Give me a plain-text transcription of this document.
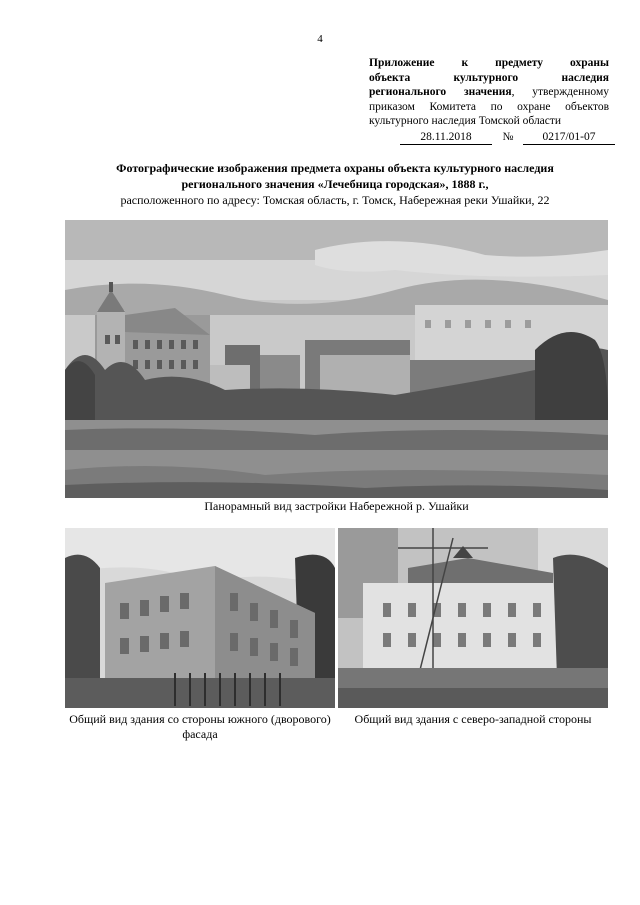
4
Приложение к предмету охраны
объекта культурного наследия
регионального значения, утвержденному
приказом Комитета по охране объектов
культурного наследия Томской области
28.11.2018	№	0217/01-07
Фотографические изображения предмета охраны объекта культурного наследия
регионального значения «Лечебница городская», 1888 г.,
расположенного по адресу: Томская область, г. Томск, Набережная реки Ушайки, 22
Панорамный вид застройки Набережной р. Ушайки
Общий вид здания со стороны южного (дворового) фасада
Общий вид здания с северо-западной стороны
